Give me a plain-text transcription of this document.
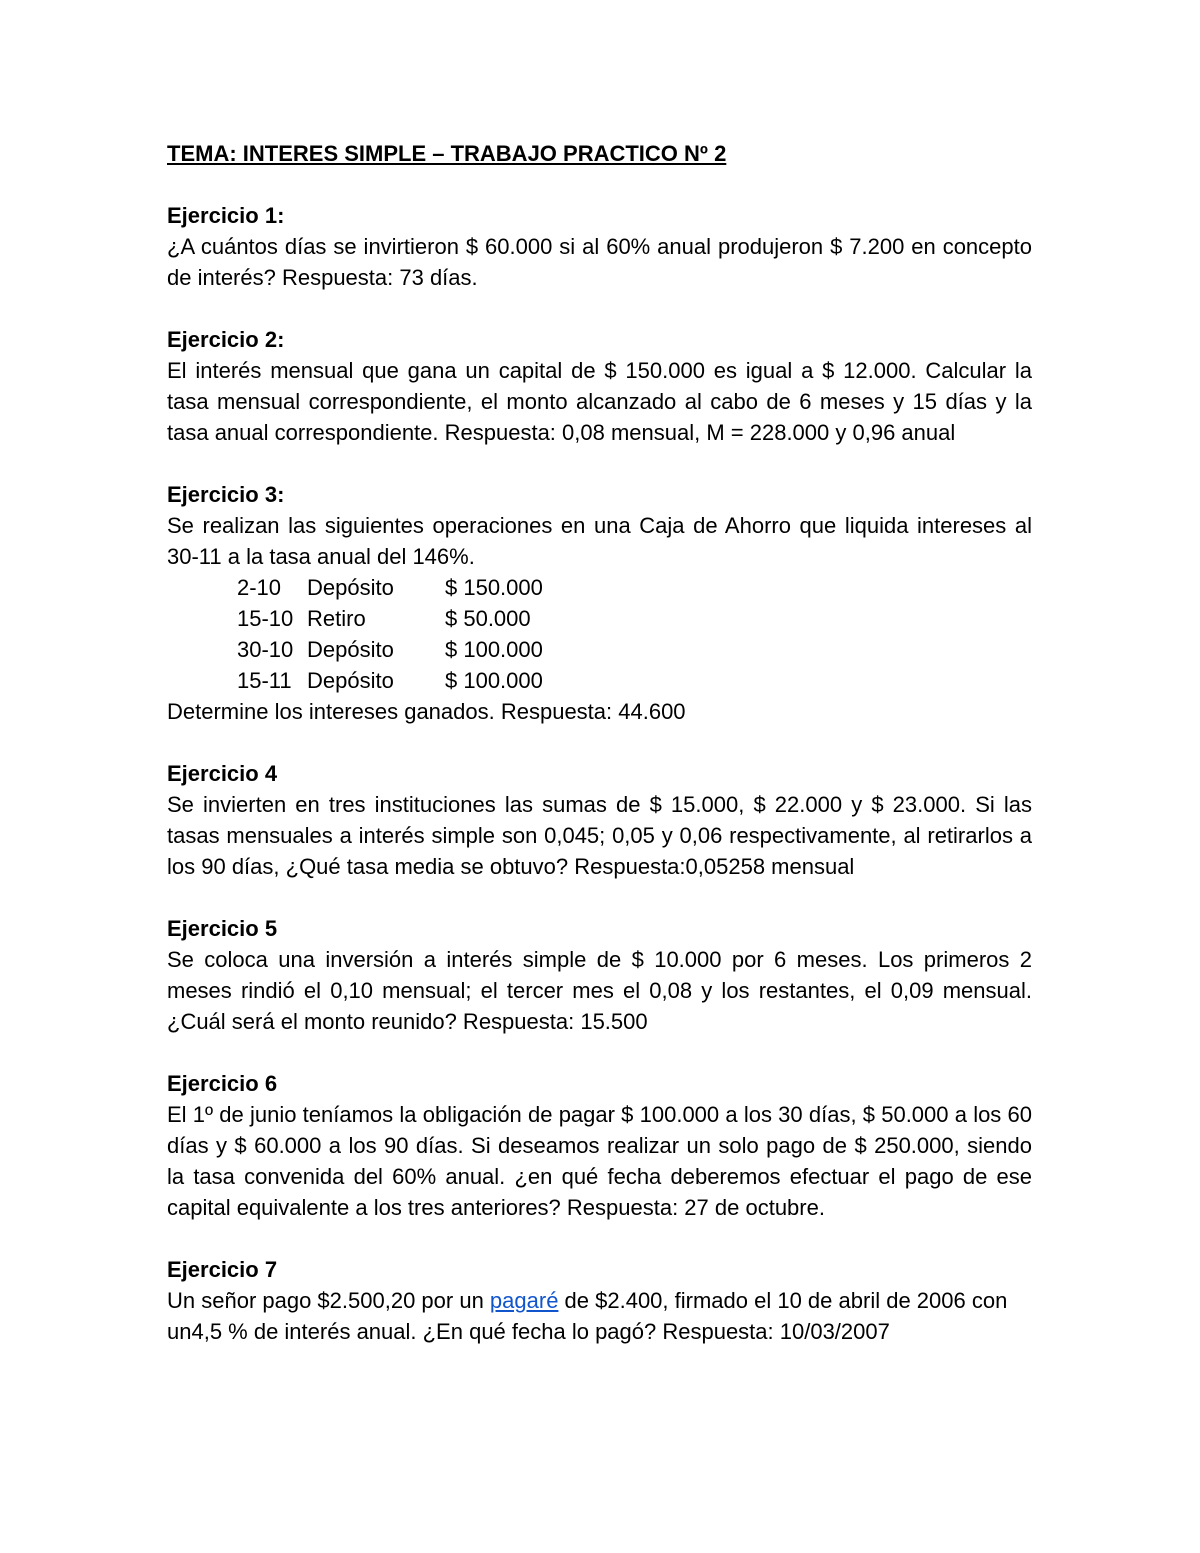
TEMA: INTERES SIMPLE – TRABAJO PRACTICO Nº 2

Ejercicio 1:

¿A cuántos días se invirtieron $ 60.000 si al 60% anual produjeron $ 7.200 en concepto de interés? Respuesta: 73 días.

Ejercicio 2:

El interés mensual que gana un capital de $ 150.000 es igual a $ 12.000. Calcular la tasa mensual correspondiente, el monto alcanzado al cabo de 6 meses y 15 días y la tasa anual correspondiente. Respuesta: 0,08 mensual, M = 228.000 y 0,96 anual

Ejercicio 3:

Se realizan las siguientes operaciones en una Caja de Ahorro que liquida intereses al 30-11 a la tasa anual del 146%.

2-10	Depósito	$ 150.000
15-10 Retiro	$ 50.000
30-10 Depósito	$ 100.000
15-11 Depósito	$ 100.000

Determine los intereses ganados. Respuesta: 44.600

Ejercicio 4

Se invierten en tres instituciones las sumas de $ 15.000, $ 22.000 y $ 23.000. Si las tasas mensuales a interés simple son 0,045; 0,05 y 0,06 respectivamente, al retirarlos a los 90 días, ¿Qué tasa media se obtuvo? Respuesta:0,05258 mensual

Ejercicio 5

Se coloca una inversión a interés simple de $ 10.000 por 6 meses. Los primeros 2 meses rindió el 0,10 mensual; el tercer mes el 0,08 y los restantes, el 0,09 mensual. ¿Cuál será el monto reunido? Respuesta: 15.500

Ejercicio 6

El 1º de junio teníamos la obligación de pagar $ 100.000 a los 30 días, $ 50.000 a los 60 días y $ 60.000 a los 90 días. Si deseamos realizar un solo pago de $ 250.000, siendo la tasa convenida del 60% anual. ¿en qué fecha deberemos efectuar el pago de ese capital equivalente a los tres anteriores? Respuesta: 27 de octubre.

Ejercicio 7

Un señor pago $2.500,20 por un pagaré de $2.400, firmado el 10 de abril de 2006 con un4,5 % de interés anual. ¿En qué fecha lo pagó? Respuesta: 10/03/2007
